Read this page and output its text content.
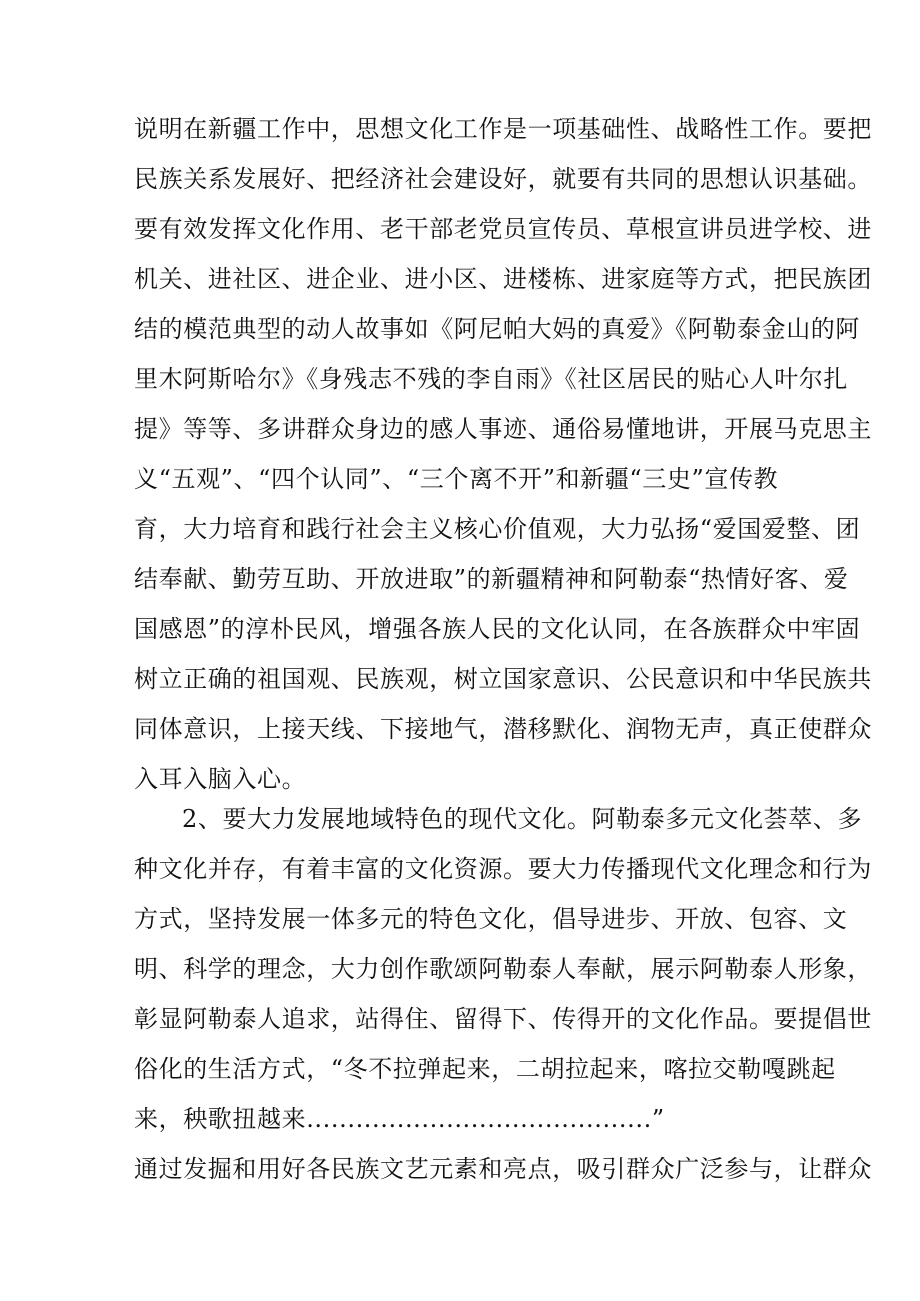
说明在新疆工作中，思想文化工作是一项基础性、战略性工作。要把
民族关系发展好、把经济社会建设好，就要有共同的思想认识基础。
要有效发挥文化作用、老干部老党员宣传员、草根宣讲员进学校、进
机关、进社区、进企业、进小区、进楼栋、进家庭等方式，把民族团
结的模范典型的动人故事如《阿尼帕大妈的真爱》《阿勒泰金山的阿
里木阿斯哈尔》《身残志不残的李自雨》《社区居民的贴心人叶尔扎
提》等等、多讲群众身边的感人事迹、通俗易懂地讲，开展马克思主
义“五观”、“四个认同”、“三个离不开”和新疆“三史”宣传教
育，大力培育和践行社会主义核心价值观，大力弘扬“爱国爱整、团
结奉献、勤劳互助、开放进取”的新疆精神和阿勒泰“热情好客、爱
国感恩”的淳朴民风，增强各族人民的文化认同，在各族群众中牢固
树立正确的祖国观、民族观，树立国家意识、公民意识和中华民族共
同体意识，上接天线、下接地气，潜移默化、润物无声，真正使群众
入耳入脑入心。
2、要大力发展地域特色的现代文化。阿勒泰多元文化荟萃、多
种文化并存，有着丰富的文化资源。要大力传播现代文化理念和行为
方式，坚持发展一体多元的特色文化，倡导进步、开放、包容、文
明、科学的理念，大力创作歌颂阿勒泰人奉献，展示阿勒泰人形象，
彰显阿勒泰人追求，站得住、留得下、传得开的文化作品。要提倡世
俗化的生活方式，“冬不拉弹起来，二胡拉起来，喀拉交勒嘎跳起
来，秧歌扭越来..........................................”
通过发掘和用好各民族文艺元素和亮点，吸引群众广泛参与，让群众
